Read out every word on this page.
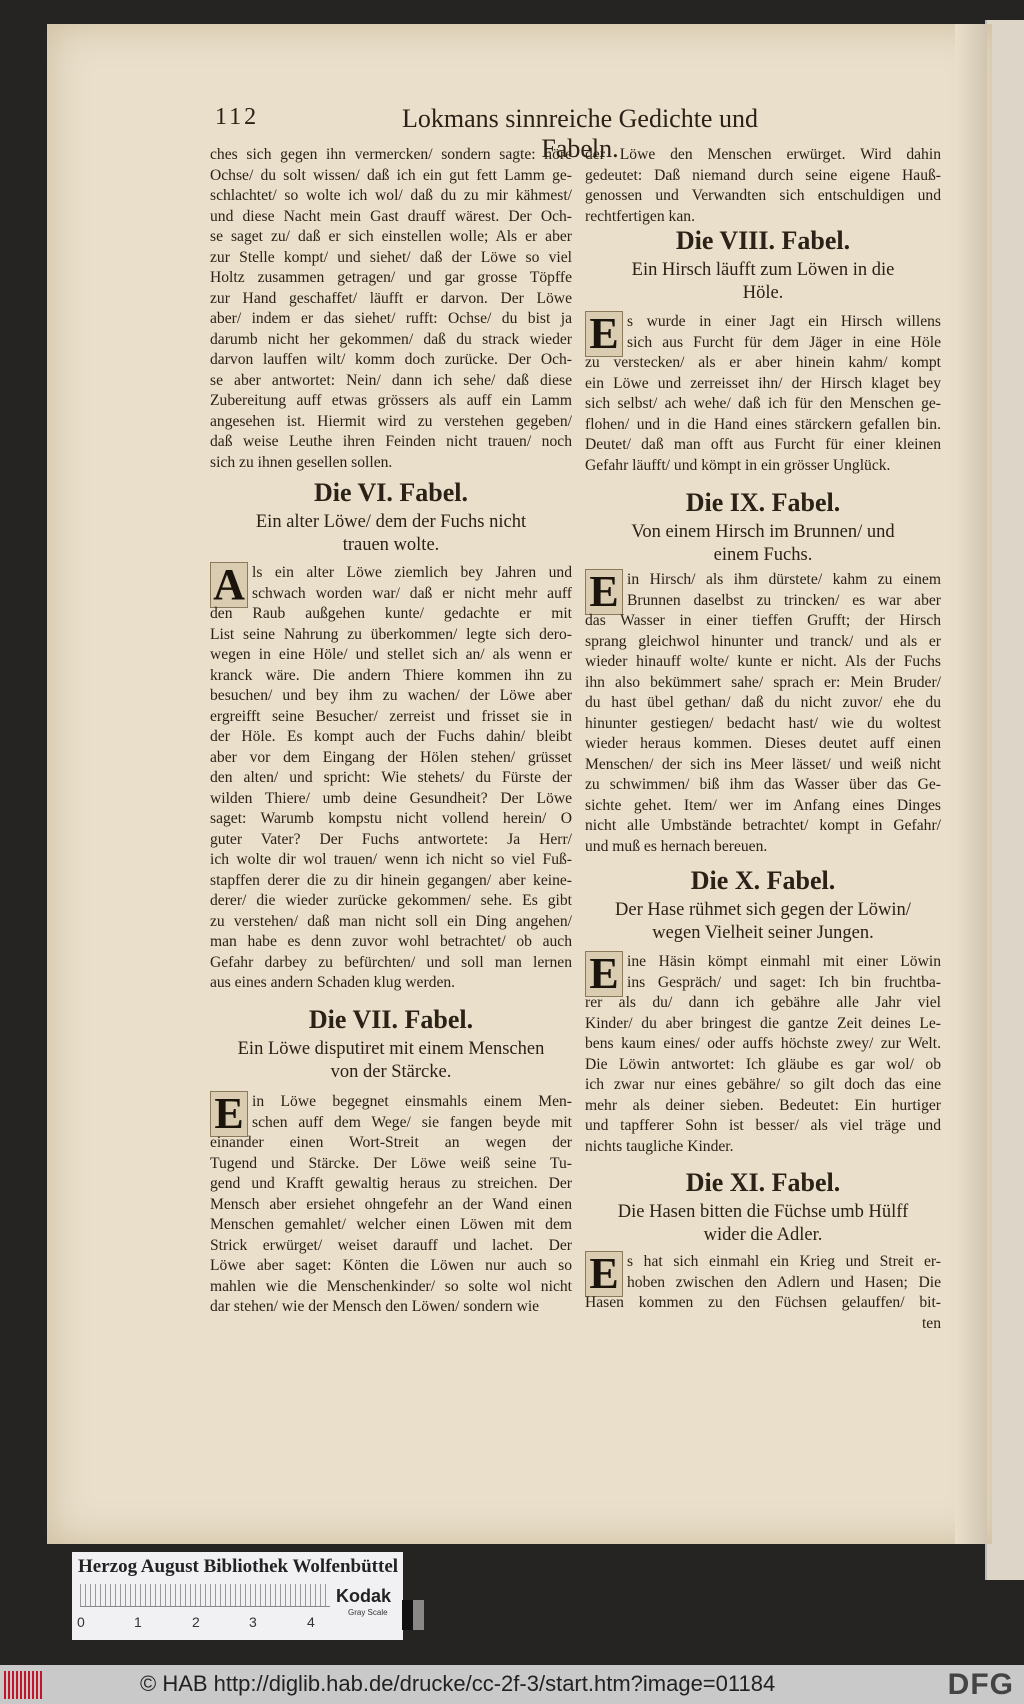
112	Lokmans sinnreiche Gedichte und Fabeln.
ches sich gegen ihn vermercken/ sondern sagte: höre
Ochse/ du solt wissen/ daß ich ein gut fett Lamm ge-
schlachtet/ so wolte ich wol/ daß du zu mir kähmest/
und diese Nacht mein Gast drauff wärest. Der Och-
se saget zu/ daß er sich einstellen wolle; Als er aber
zur Stelle kompt/ und siehet/ daß der Löwe so viel
Holtz zusammen getragen/ und gar grosse Töpffe
zur Hand geschaffet/ läufft er darvon. Der Löwe
aber/ indem er das siehet/ rufft: Ochse/ du bist ja
darumb nicht her gekommen/ daß du strack wieder
darvon lauffen wilt/ komm doch zurücke. Der Och-
se aber antwortet: Nein/ dann ich sehe/ daß diese
Zubereitung auff etwas grössers als auff ein Lamm
angesehen ist. Hiermit wird zu verstehen gegeben/
daß weise Leuthe ihren Feinden nicht trauen/ noch
sich zu ihnen gesellen sollen.
Die VI. Fabel.
Ein alter Löwe/ dem der Fuchs nicht
trauen wolte.
A ls ein alter Löwe ziemlich bey Jahren und
schwach worden war/ daß er nicht mehr auff
den Raub außgehen kunte/ gedachte er mit
List seine Nahrung zu überkommen/ legte sich dero-
wegen in eine Höle/ und stellet sich an/ als wenn er
kranck wäre. Die andern Thiere kommen ihn zu
besuchen/ und bey ihm zu wachen/ der Löwe aber
ergreifft seine Besucher/ zerreist und frisset sie in
der Höle. Es kompt auch der Fuchs dahin/ bleibt
aber vor dem Eingang der Hölen stehen/ grüsset
den alten/ und spricht: Wie stehets/ du Fürste der
wilden Thiere/ umb deine Gesundheit? Der Löwe
saget: Warumb kompstu nicht vollend herein/ O
guter Vater? Der Fuchs antwortete: Ja Herr/
ich wolte dir wol trauen/ wenn ich nicht so viel Fuß-
stapffen derer die zu dir hinein gegangen/ aber keine-
derer/ die wieder zurücke gekommen/ sehe. Es gibt
zu verstehen/ daß man nicht soll ein Ding angehen/
man habe es denn zuvor wohl betrachtet/ ob auch
Gefahr darbey zu befürchten/ und soll man lernen
aus eines andern Schaden klug werden.
Die VII. Fabel.
Ein Löwe disputiret mit einem Menschen
von der Stärcke.
E in Löwe begegnet einsmahls einem Men-
schen auff dem Wege/ sie fangen beyde mit
einander einen Wort-Streit an wegen der
Tugend und Stärcke. Der Löwe weiß seine Tu-
gend und Krafft gewaltig heraus zu streichen. Der
Mensch aber ersiehet ohngefehr an der Wand einen
Menschen gemahlet/ welcher einen Löwen mit dem
Strick erwürget/ weiset darauff und lachet. Der
Löwe aber saget: Könten die Löwen nur auch so
mahlen wie die Menschenkinder/ so solte wol nicht
dar stehen/ wie der Mensch den Löwen/ sondern wie
der Löwe den Menschen erwürget. Wird dahin
gedeutet: Daß niemand durch seine eigene Hauß-
genossen und Verwandten sich entschuldigen und
rechtfertigen kan.
Die VIII. Fabel.
Ein Hirsch läufft zum Löwen in die
Höle.
E s wurde in einer Jagt ein Hirsch willens
sich aus Furcht für dem Jäger in eine Höle
zu verstecken/ als er aber hinein kahm/ kompt
ein Löwe und zerreisset ihn/ der Hirsch klaget bey
sich selbst/ ach wehe/ daß ich für den Menschen ge-
flohen/ und in die Hand eines stärckern gefallen bin.
Deutet/ daß man offt aus Furcht für einer kleinen
Gefahr läufft/ und kömpt in ein grösser Unglück.
Die IX. Fabel.
Von einem Hirsch im Brunnen/ und
einem Fuchs.
E in Hirsch/ als ihm dürstete/ kahm zu einem
Brunnen daselbst zu trincken/ es war aber
das Wasser in einer tieffen Grufft; der Hirsch
sprang gleichwol hinunter und tranck/ und als er
wieder hinauff wolte/ kunte er nicht. Als der Fuchs
ihn also bekümmert sahe/ sprach er: Mein Bruder/
du hast übel gethan/ daß du nicht zuvor/ ehe du
hinunter gestiegen/ bedacht hast/ wie du woltest
wieder heraus kommen. Dieses deutet auff einen
Menschen/ der sich ins Meer lässet/ und weiß nicht
zu schwimmen/ biß ihm das Wasser über das Ge-
sichte gehet. Item/ wer im Anfang eines Dinges
nicht alle Umbstände betrachtet/ kompt in Gefahr/
und muß es hernach bereuen.
Die X. Fabel.
Der Hase rühmet sich gegen der Löwin/
wegen Vielheit seiner Jungen.
E ine Häsin kömpt einmahl mit einer Löwin
ins Gespräch/ und saget: Ich bin fruchtba-
rer als du/ dann ich gebähre alle Jahr viel
Kinder/ du aber bringest die gantze Zeit deines Le-
bens kaum eines/ oder auffs höchste zwey/ zur Welt.
Die Löwin antwortet: Ich gläube es gar wol/ ob
ich zwar nur eines gebähre/ so gilt doch das eine
mehr als deiner sieben. Bedeutet: Ein hurtiger
und tapfferer Sohn ist besser/ als viel träge und
nichts taugliche Kinder.
Die XI. Fabel.
Die Hasen bitten die Füchse umb Hülff
wider die Adler.
E s hat sich einmahl ein Krieg und Streit er-
hoben zwischen den Adlern und Hasen; Die
Hasen kommen zu den Füchsen gelauffen/ bit-
ten
Herzog August Bibliothek Wolfenbüttel
0	1	2	3	4
Kodak
Gray Scale
© HAB http://diglib.hab.de/drucke/cc-2f-3/start.htm?image=01184	DFG
